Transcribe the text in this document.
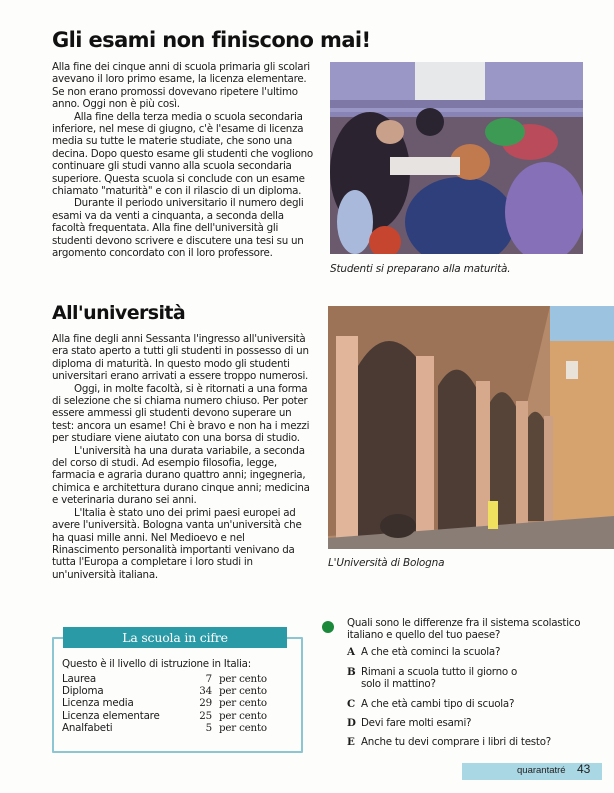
Gli esami non finiscono mai!

Alla fine dei cinque anni di scuola primaria gli scolari avevano il loro primo esame, la licenza elementare. Se non erano promossi dovevano ripetere l'ultimo anno. Oggi non è più così.

Alla fine della terza media o scuola secondaria inferiore, nel mese di giugno, c'è l'esame di licenza media su tutte le materie studiate, che sono una decina. Dopo questo esame gli studenti che vogliono continuare gli studi vanno alla scuola secondaria superiore. Questa scuola si conclude con un esame chiamato "maturità" e con il rilascio di un diploma.

Durante il periodo universitario il numero degli esami va da venti a cinquanta, a seconda della facoltà frequentata. Alla fine dell'università gli studenti devono scrivere e discutere una tesi su un argomento concordato con il loro professore.

Studenti si preparano alla maturità.
All'università

Alla fine degli anni Sessanta l'ingresso all'università era stato aperto a tutti gli studenti in possesso di un diploma di maturità. In questo modo gli studenti universitari erano arrivati a essere troppo numerosi.

Oggi, in molte facoltà, si è ritornati a una forma di selezione che si chiama numero chiuso. Per poter essere ammessi gli studenti devono superare un test: ancora un esame! Chi è bravo e non ha i mezzi per studiare viene aiutato con una borsa di studio.

L'università ha una durata variabile, a seconda del corso di studi. Ad esempio filosofia, legge, farmacia e agraria durano quattro anni; ingegneria, chimica e architettura durano cinque anni; medicina e veterinaria durano sei anni.

L'Italia è stato uno dei primi paesi europei ad avere l'università. Bologna vanta un'università che ha quasi mille anni. Nel Medioevo e nel Rinascimento personalità importanti venivano da tutta l'Europa a completare i loro studi in un'università italiana.

L'Università di Bologna
La scuola in cifre
Questo è il livello di istruzione in Italia:
Laurea	7 per cento
Diploma	34 per cento
Licenza media	29 per cento
Licenza elementare	25 per cento
Analfabeti	5 per cento
Quali sono le differenze fra il sistema scolastico italiano e quello del tuo paese?
A A che età cominci la scuola?
B Rimani a scuola tutto il giorno o solo il mattino?
C A che età cambi tipo di scuola?
D Devi fare molti esami?
E Anche tu devi comprare i libri di testo?
quarantatré 43
